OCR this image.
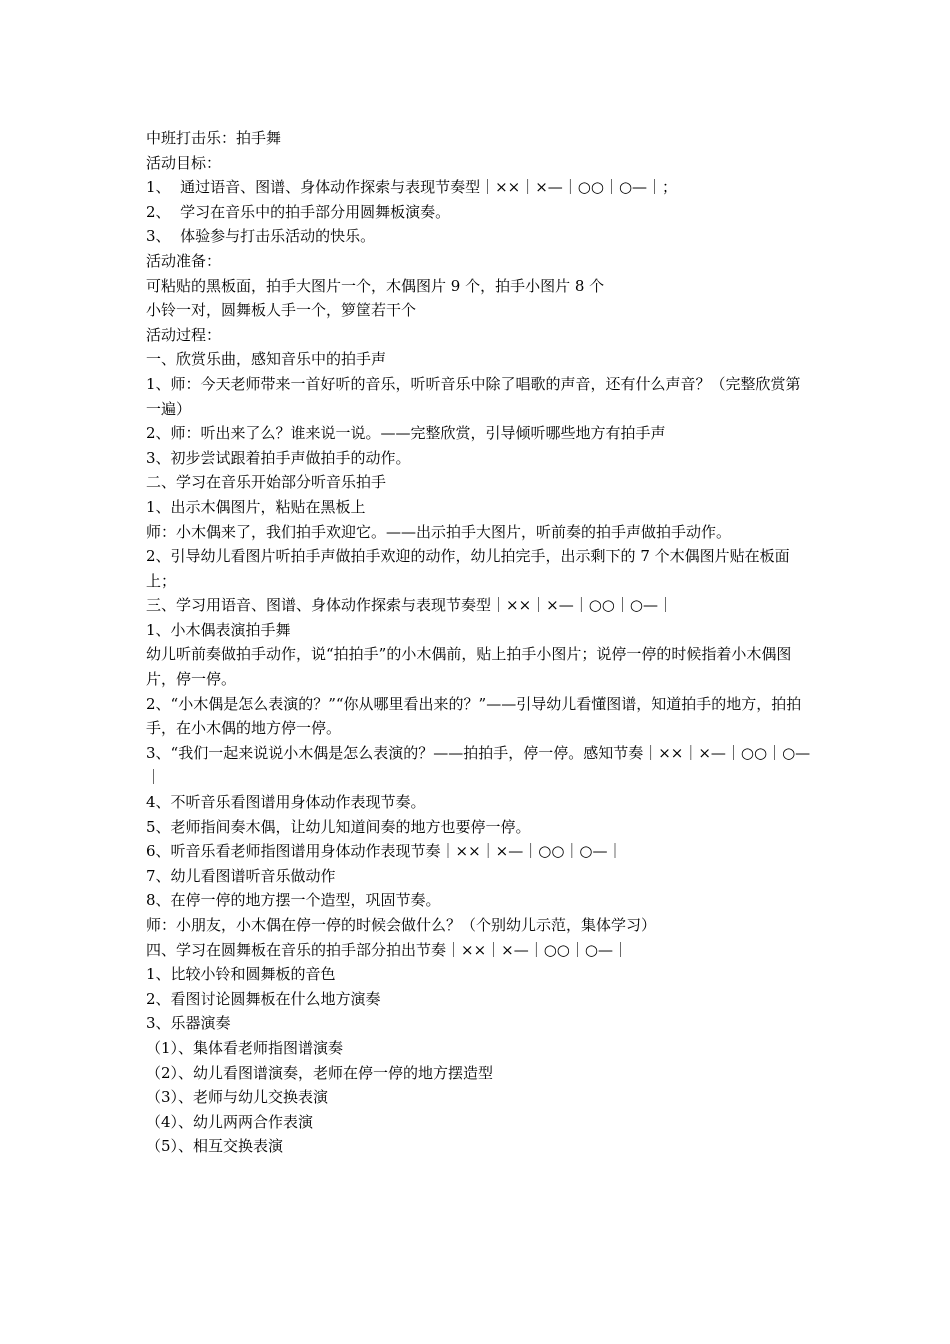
中班打击乐：拍手舞

活动目标：

1、  通过语音、图谱、身体动作探索与表现节奏型｜××｜×—｜○○｜○—｜；

2、  学习在音乐中的拍手部分用圆舞板演奏。

3、  体验参与打击乐活动的快乐。

活动准备：

可粘贴的黑板面，拍手大图片一个，木偶图片 9 个，拍手小图片 8 个

小铃一对，圆舞板人手一个，箩筐若干个

活动过程：

一、欣赏乐曲，感知音乐中的拍手声

1、师：今天老师带来一首好听的音乐，听听音乐中除了唱歌的声音，还有什么声音？（完整欣赏第一遍）

2、师：听出来了么？谁来说一说。——完整欣赏，引导倾听哪些地方有拍手声

3、初步尝试跟着拍手声做拍手的动作。

二、学习在音乐开始部分听音乐拍手

1、出示木偶图片，粘贴在黑板上

师：小木偶来了，我们拍手欢迎它。——出示拍手大图片，听前奏的拍手声做拍手动作。

2、引导幼儿看图片听拍手声做拍手欢迎的动作，幼儿拍完手，出示剩下的 7 个木偶图片贴在板面上；

三、学习用语音、图谱、身体动作探索与表现节奏型｜××｜×—｜○○｜○—｜

1、小木偶表演拍手舞

幼儿听前奏做拍手动作，说“拍拍手”的小木偶前，贴上拍手小图片；说停一停的时候指着小木偶图片，停一停。

2、“小木偶是怎么表演的？”“你从哪里看出来的？”——引导幼儿看懂图谱，知道拍手的地方，拍拍手，在小木偶的地方停一停。

3、“我们一起来说说小木偶是怎么表演的？——拍拍手，停一停。感知节奏｜××｜×—｜○○｜○—｜

4、不听音乐看图谱用身体动作表现节奏。

5、老师指间奏木偶，让幼儿知道间奏的地方也要停一停。

6、听音乐看老师指图谱用身体动作表现节奏｜××｜×—｜○○｜○—｜

7、幼儿看图谱听音乐做动作

8、在停一停的地方摆一个造型，巩固节奏。

师：小朋友，小木偶在停一停的时候会做什么？（个别幼儿示范，集体学习）

四、学习在圆舞板在音乐的拍手部分拍出节奏｜××｜×—｜○○｜○—｜

1、比较小铃和圆舞板的音色

2、看图讨论圆舞板在什么地方演奏

3、乐器演奏

（1）、集体看老师指图谱演奏

（2）、幼儿看图谱演奏，老师在停一停的地方摆造型

（3）、老师与幼儿交换表演

（4）、幼儿两两合作表演

（5）、相互交换表演
